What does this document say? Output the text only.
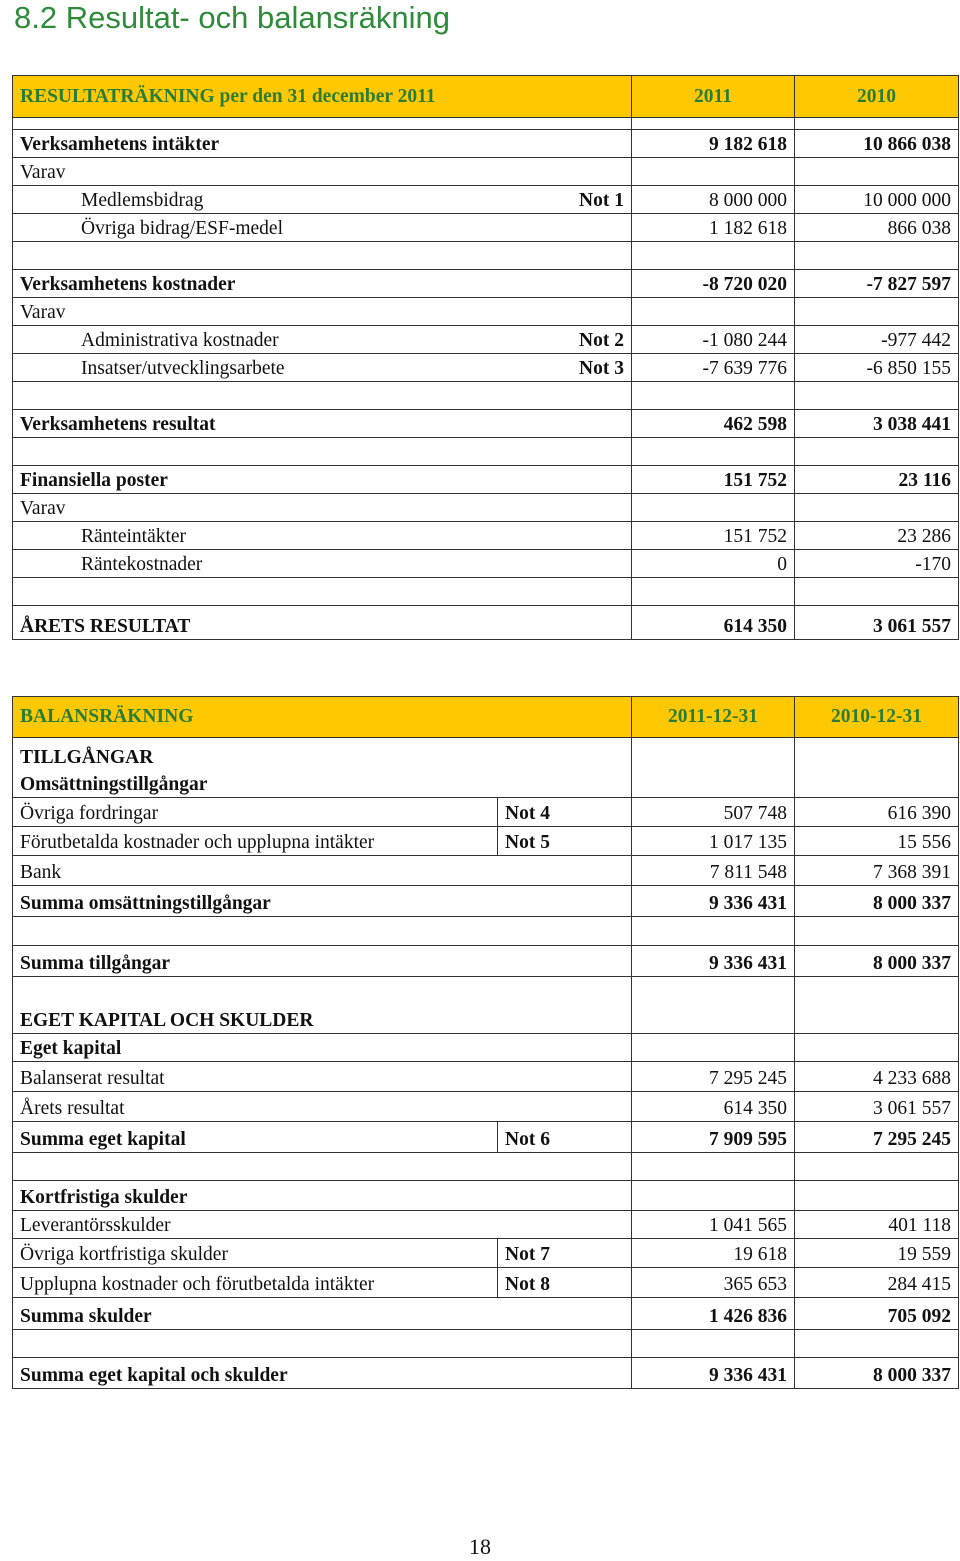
8.2 Resultat- och balansräkning
RESULTATRÄKNING per den 31 december 2011	2011	2010

Verksamhetens intäkter	9 182 618	10 866 038
Varav		
Medlemsbidrag Not 1	8 000 000	10 000 000
Övriga bidrag/ESF-medel	1 182 618	866 038

Verksamhetens kostnader	-8 720 020	-7 827 597
Varav		
Administrativa kostnader Not 2	-1 080 244	-977 442
Insatser/utvecklingsarbete Not 3	-7 639 776	-6 850 155

Verksamhetens resultat	462 598	3 038 441

Finansiella poster	151 752	23 116
Varav		
Ränteintäkter	151 752	23 286
Räntekostnader	0	-170

ÅRETS RESULTAT	614 350	3 061 557
BALANSRÄKNING		2011-12-31	2010-12-31
TILLGÅNGAR			
Omsättningstillgångar			
Övriga fordringar	Not 4	507 748	616 390
Förutbetalda kostnader och upplupna intäkter	Not 5	1 017 135	15 556
Bank		7 811 548	7 368 391
Summa omsättningstillgångar		9 336 431	8 000 337

Summa tillgångar		9 336 431	8 000 337
EGET KAPITAL OCH SKULDER			
Eget kapital			
Balanserat resultat		7 295 245	4 233 688
Årets resultat		614 350	3 061 557
Summa eget kapital	Not 6	7 909 595	7 295 245

Kortfristiga skulder			
Leverantörsskulder		1 041 565	401 118
Övriga kortfristiga skulder	Not 7	19 618	19 559
Upplupna kostnader och förutbetalda intäkter	Not 8	365 653	284 415
Summa skulder		1 426 836	705 092

Summa eget kapital och skulder		9 336 431	8 000 337
18
